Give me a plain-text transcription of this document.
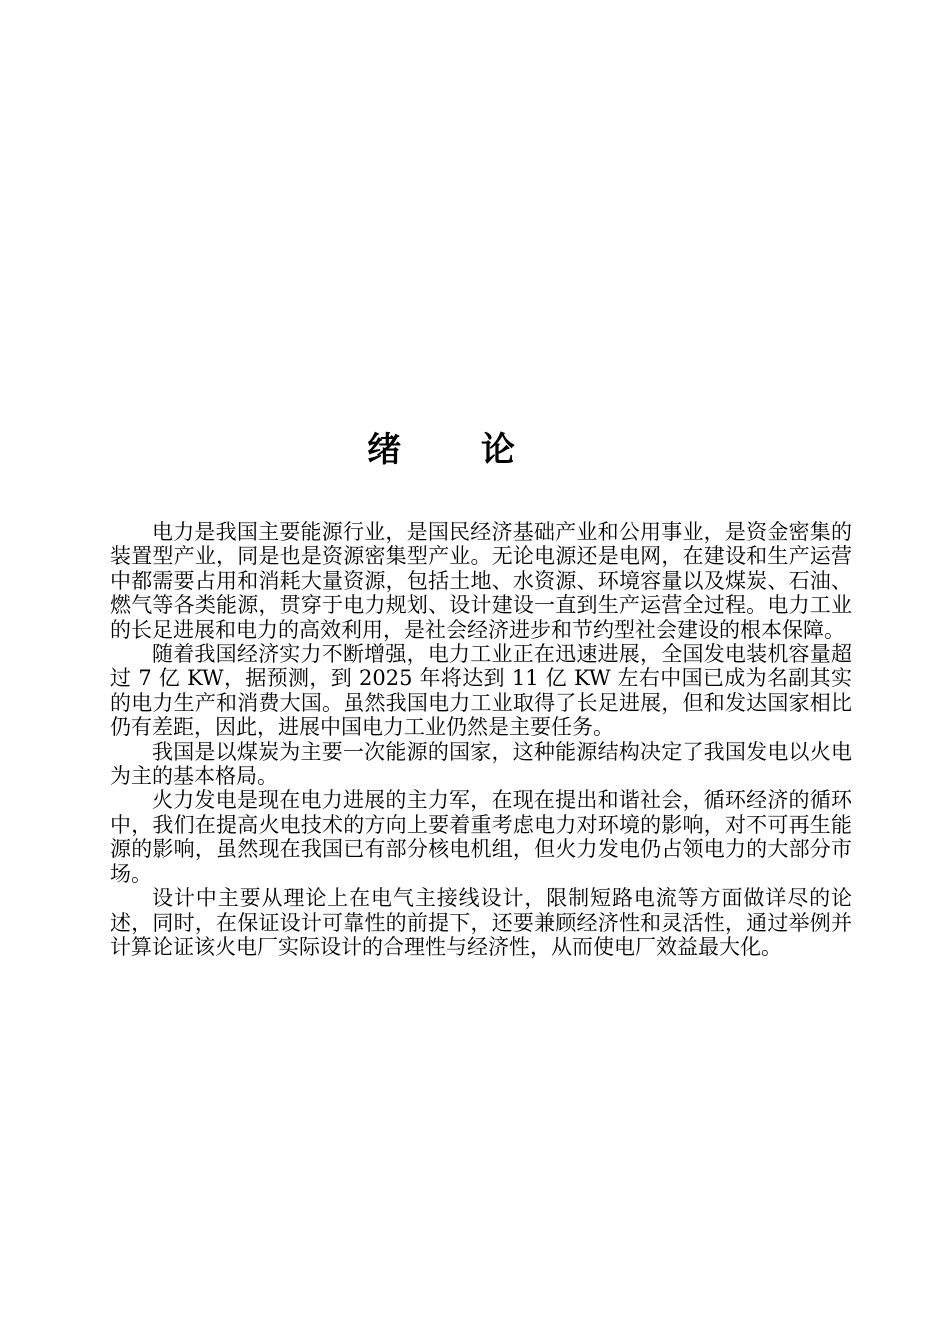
绪 论

电力是我国主要能源行业，是国民经济基础产业和公用事业，是资金密集的装置型产业，同是也是资源密集型产业。无论电源还是电网，在建设和生产运营中都需要占用和消耗大量资源，包括土地、水资源、环境容量以及煤炭、石油、燃气等各类能源，贯穿于电力规划、设计建设一直到生产运营全过程。电力工业的长足进展和电力的高效利用，是社会经济进步和节约型社会建设的根本保障。

随着我国经济实力不断增强，电力工业正在迅速进展，全国发电装机容量超过 7 亿 KW，据预测，到 2025 年将达到 11 亿 KW 左右中国已成为名副其实的电力生产和消费大国。虽然我国电力工业取得了长足进展，但和发达国家相比仍有差距，因此，进展中国电力工业仍然是主要任务。

我国是以煤炭为主要一次能源的国家，这种能源结构决定了我国发电以火电为主的基本格局。

火力发电是现在电力进展的主力军，在现在提出和谐社会，循环经济的循环中，我们在提高火电技术的方向上要着重考虑电力对环境的影响，对不可再生能源的影响，虽然现在我国已有部分核电机组，但火力发电仍占领电力的大部分市场。

设计中主要从理论上在电气主接线设计，限制短路电流等方面做详尽的论述，同时，在保证设计可靠性的前提下，还要兼顾经济性和灵活性，通过举例并计算论证该火电厂实际设计的合理性与经济性，从而使电厂效益最大化。
